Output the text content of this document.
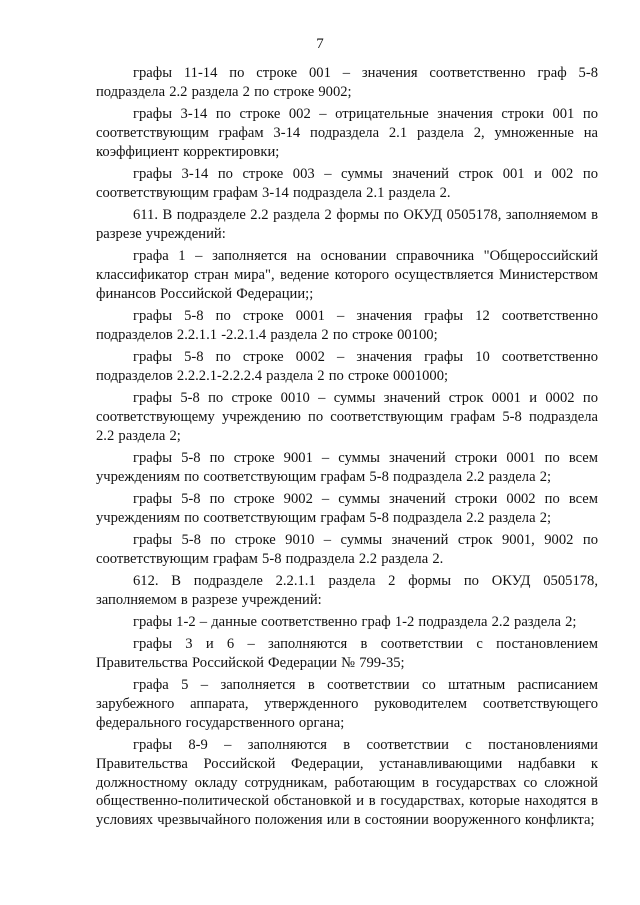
7

графы 11-14 по строке 001 – значения соответственно граф 5-8 подраздела 2.2 раздела 2 по строке 9002;

графы 3-14 по строке 002 – отрицательные значения строки 001 по соответствующим графам 3-14 подраздела 2.1 раздела 2, умноженные на коэффициент корректировки;

графы 3-14 по строке 003 – суммы значений строк 001 и 002 по соответствующим графам 3-14 подраздела 2.1 раздела 2.

611. В подразделе 2.2 раздела 2 формы по ОКУД 0505178, заполняемом в разрезе учреждений:

графа 1 – заполняется на основании справочника "Общероссийский классификатор стран мира", ведение которого осуществляется Министерством финансов Российской Федерации;;

графы 5-8 по строке 0001 – значения графы 12 соответственно подразделов 2.2.1.1 -2.2.1.4 раздела 2 по строке 00100;

графы 5-8 по строке 0002 – значения графы 10 соответственно подразделов 2.2.2.1-2.2.2.4 раздела 2 по строке 0001000;

графы 5-8 по строке 0010 – суммы значений строк 0001 и 0002 по соответствующему учреждению по соответствующим графам 5-8 подраздела 2.2 раздела 2;

графы 5-8 по строке 9001 – суммы значений строки 0001 по всем учреждениям по соответствующим графам 5-8 подраздела 2.2 раздела 2;

графы 5-8 по строке 9002 – суммы значений строки 0002 по всем учреждениям по соответствующим графам 5-8 подраздела 2.2 раздела 2;

графы 5-8 по строке 9010 – суммы значений строк 9001, 9002 по соответствующим графам 5-8 подраздела 2.2 раздела 2.

612. В подразделе 2.2.1.1 раздела 2 формы по ОКУД 0505178, заполняемом в разрезе учреждений:

графы 1-2 – данные соответственно граф 1-2 подраздела 2.2 раздела 2;

графы 3 и 6 – заполняются в соответствии с постановлением Правительства Российской Федерации № 799-35;

графа 5 – заполняется в соответствии со штатным расписанием зарубежного аппарата, утвержденного руководителем соответствующего федерального государственного органа;

графы 8-9 – заполняются в соответствии с постановлениями Правительства Российской Федерации, устанавливающими надбавки к должностному окладу сотрудникам, работающим в государствах со сложной общественно-политической обстановкой и в государствах, которые находятся в условиях чрезвычайного положения или в состоянии вооруженного конфликта;
